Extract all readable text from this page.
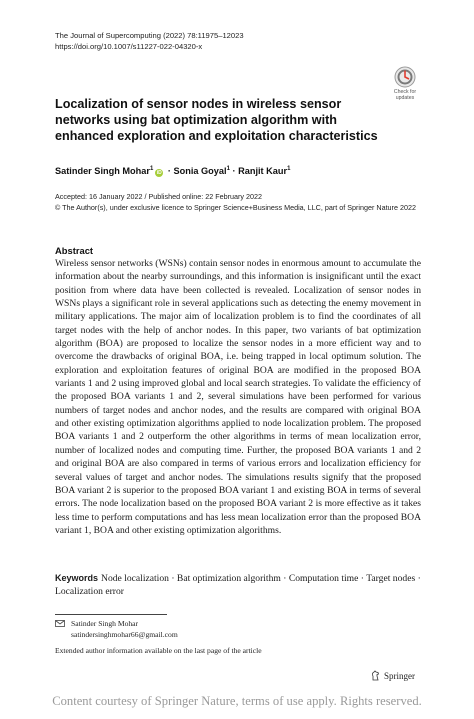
The Journal of Supercomputing (2022) 78:11975–12023
https://doi.org/10.1007/s11227-022-04320-x
Check for
updates
Localization of sensor nodes in wireless sensor networks using bat optimization algorithm with enhanced exploration and exploitation characteristics
Satinder Singh Mohar$^1$iD · Sonia Goyal$^1$ · Ranjit Kaur$^1$
Accepted: 16 January 2022 / Published online: 22 February 2022
© The Author(s), under exclusive licence to Springer Science+Business Media, LLC, part of Springer Nature 2022
Abstract

Wireless sensor networks (WSNs) contain sensor nodes in enormous amount to accumulate the information about the nearby surroundings, and this information is insignificant until the exact position from where data have been collected is revealed. Localization of sensor nodes in WSNs plays a significant role in several applications such as detecting the enemy movement in military applications. The major aim of localization problem is to find the coordinates of all target nodes with the help of anchor nodes. In this paper, two variants of bat optimization algorithm (BOA) are proposed to localize the sensor nodes in a more efficient way and to overcome the drawbacks of original BOA, i.e. being trapped in local optimum solution. The exploration and exploitation features of original BOA are modified in the proposed BOA variants 1 and 2 using improved global and local search strategies. To validate the efficiency of the proposed BOA variants 1 and 2, several simulations have been performed for various numbers of target nodes and anchor nodes, and the results are compared with original BOA and other existing optimization algorithms applied to node localization problem. The proposed BOA variants 1 and 2 outperform the other algorithms in terms of mean localization error, number of localized nodes and computing time. Further, the proposed BOA variants 1 and 2 and original BOA are also compared in terms of various errors and localization efficiency for several values of target and anchor nodes. The simulations results signify that the proposed BOA variant 2 is superior to the proposed BOA variant 1 and existing BOA in terms of several errors. The node localization based on the proposed BOA variant 2 is more effective as it takes less time to perform computations and has less mean localization error than the proposed BOA variant 1, BOA and other existing optimization algorithms.

Keywords Node localization · Bat optimization algorithm · Computation time · Target nodes · Localization error
Satinder Singh Mohar
satindersinghmohar66@gmail.com
Extended author information available on the last page of the article
Springer
Content courtesy of Springer Nature, terms of use apply. Rights reserved.
